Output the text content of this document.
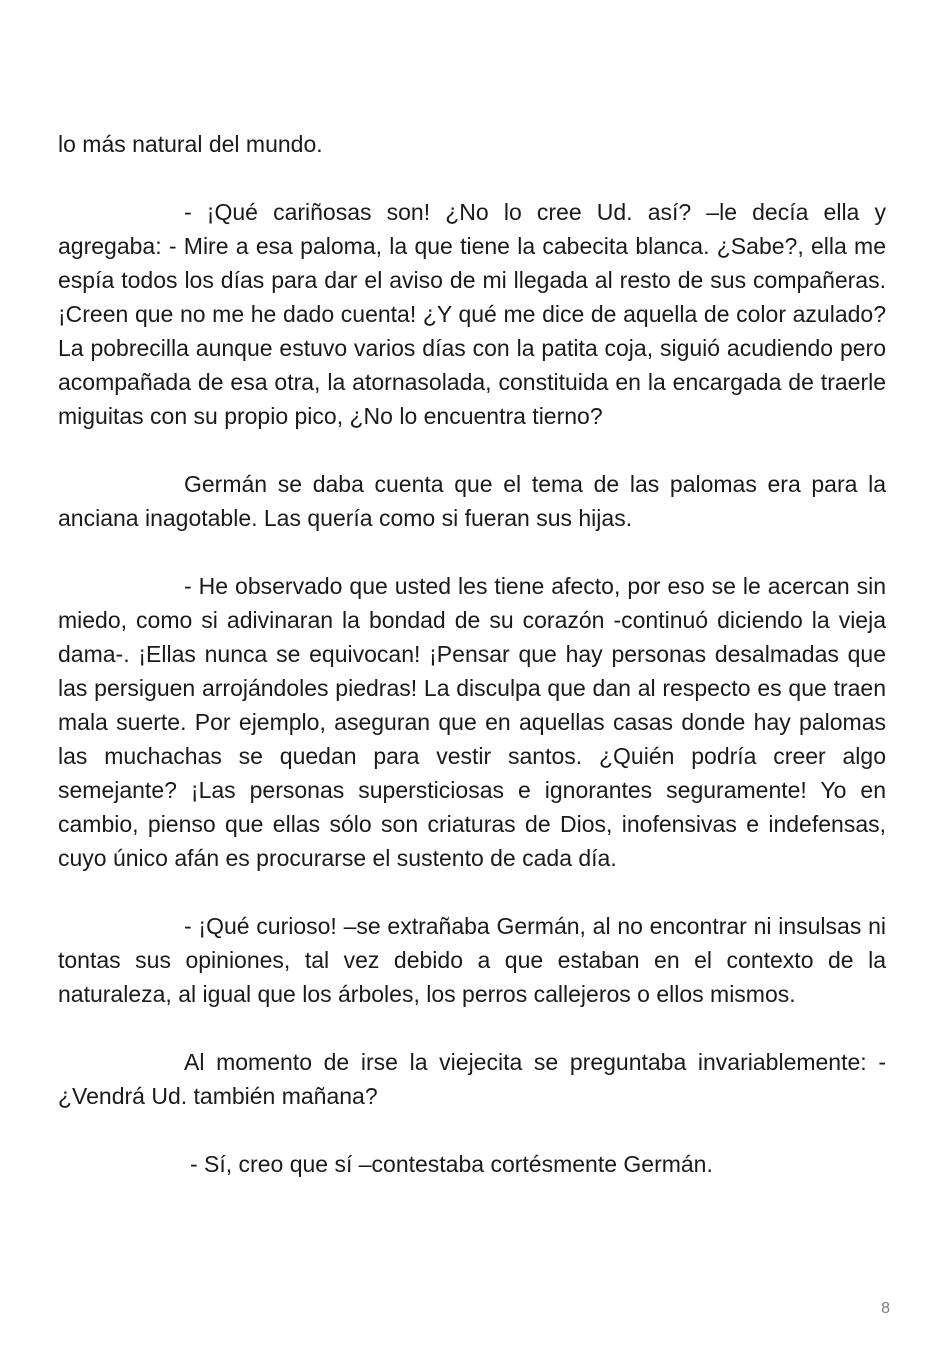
lo más natural del mundo.

- ¡Qué cariñosas son! ¿No lo cree Ud. así? –le decía ella y agregaba: - Mire a esa paloma, la que tiene la cabecita blanca. ¿Sabe?, ella me espía todos los días para dar el aviso de mi llegada al resto de sus compañeras. ¡Creen que no me he dado cuenta! ¿Y qué me dice de aquella de color azulado? La pobrecilla aunque estuvo varios días con la patita coja, siguió acudiendo pero acompañada de esa otra, la atornasolada, constituida en la encargada de traerle miguitas con su propio pico, ¿No lo encuentra tierno?

Germán se daba cuenta que el tema de las palomas era para la anciana inagotable. Las quería como si fueran sus hijas.

- He observado que usted les tiene afecto, por eso se le acercan sin miedo, como si adivinaran la bondad de su corazón -continuó diciendo la vieja dama-. ¡Ellas nunca se equivocan! ¡Pensar que hay personas desalmadas que las persiguen arrojándoles piedras! La disculpa que dan al respecto es que traen mala suerte. Por ejemplo, aseguran que en aquellas casas donde hay palomas las muchachas se quedan para vestir santos. ¿Quién podría creer algo semejante? ¡Las personas supersticiosas e ignorantes seguramente! Yo en cambio, pienso que ellas sólo son criaturas de Dios, inofensivas e indefensas, cuyo único afán es procurarse el sustento de cada día.

- ¡Qué curioso! –se extrañaba Germán, al no encontrar ni insulsas ni tontas sus opiniones, tal vez debido a que estaban en el contexto de la naturaleza, al igual que los árboles, los perros callejeros o ellos mismos.

Al momento de irse la viejecita se preguntaba invariablemente: - ¿Vendrá Ud. también mañana?

- Sí, creo que sí –contestaba cortésmente Germán.

8
